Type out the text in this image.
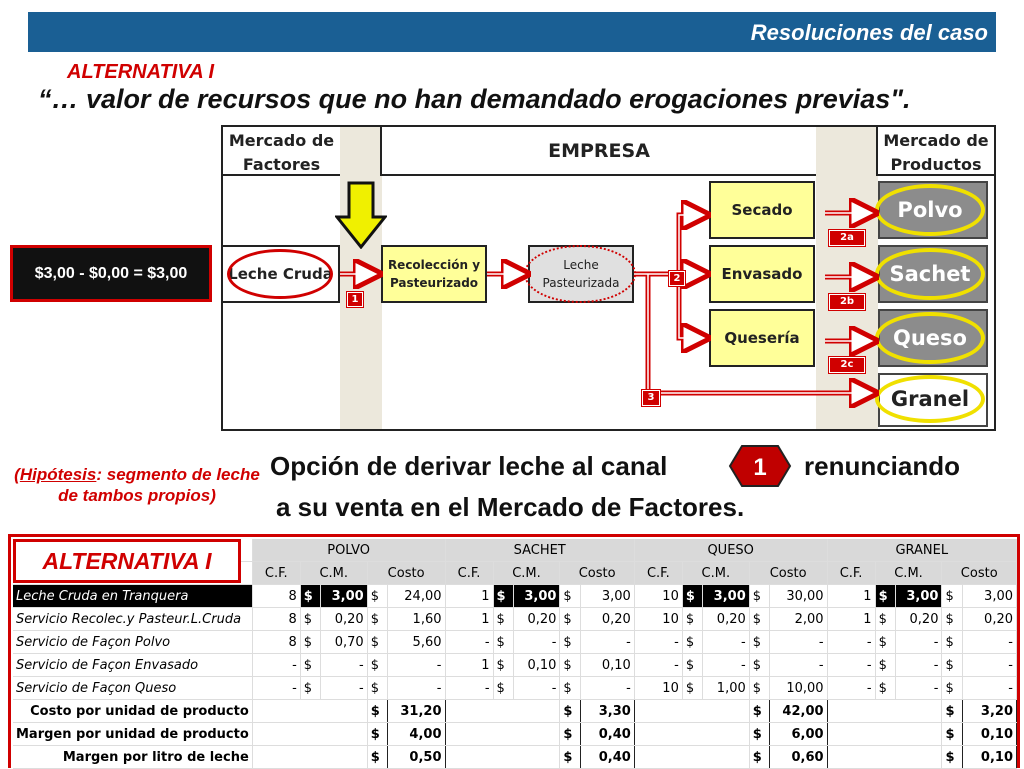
Resoluciones del caso
ALTERNATIVA I
“… valor de recursos que no han demandado erogaciones previas".
$3,00 - $0,00 = $3,00
Mercado de Factores
EMPRESA	Mercado de Productos
Leche Cruda	Recolección y Pasteurizado
Leche Pasteurizada
Secado
Envasado
Quesería
Polvo
Sachet
Queso
Granel
1
2
2a
2b
2c
3
(Hipótesis: segmento de leche de tambos propios)
Opción de derivar leche al canal	1 renunciando
a su venta en el Mercado de Factores.
	POLVO					SACHET					QUESO					GRANEL				
	C.F.	C.M.		Costo		C.F.	C.M.		Costo		C.F.	C.M.		Costo		C.F.	C.M.		Costo	
Leche Cruda en Tranquera	8	$	3,00	$	24,00	1	$	3,00	$	3,00	10	$	3,00	$	30,00	1	$	3,00	$	3,00
Servicio Recolec.y Pasteur.L.Cruda	8	$	0,20	$	1,60	1	$	0,20	$	0,20	10	$	0,20	$	2,00	1	$	0,20	$	0,20
Servicio de Façon Polvo	8	$	0,70	$	5,60	-	$	-	$	-	-	$	-	$	-	-	$	-	$	-
Servicio de Façon Envasado	-	$	-	$	-	1	$	0,10	$	0,10	-	$	-	$	-	-	$	-	$	-
Servicio de Façon Queso	-	$	-	$	-	-	$	-	$	-	10	$	1,00	$	10,00	-	$	-	$	-
Costo por unidad de producto				$	31,20				$	3,30				$	42,00				$	3,20
Margen por unidad de producto				$	4,00				$	0,40				$	6,00				$	0,10
Margen por litro de leche				$	0,50				$	0,40				$	0,60				$	0,10
ALTERNATIVA I
